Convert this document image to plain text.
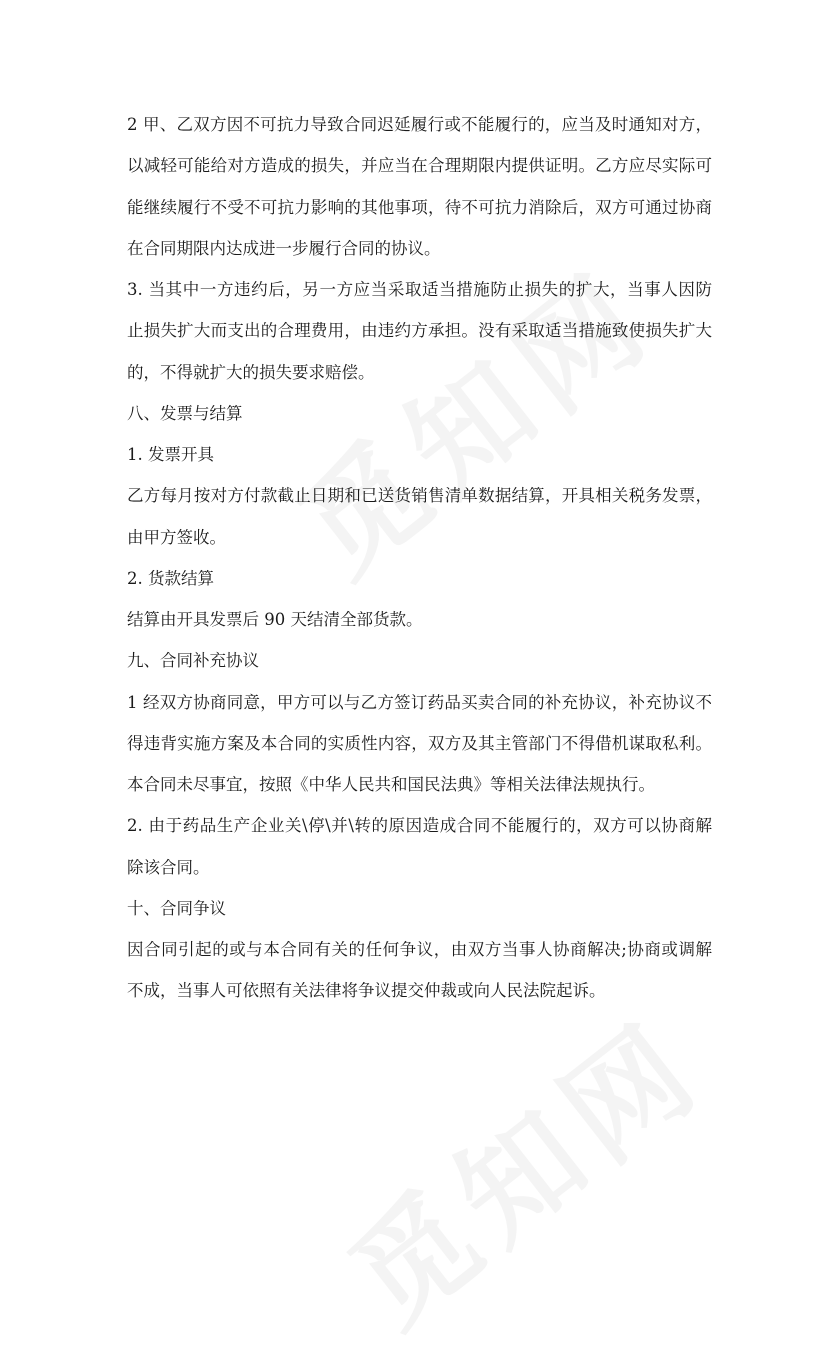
2 甲、乙双方因不可抗力导致合同迟延履行或不能履行的，应当及时通知对方，

以减轻可能给对方造成的损失，并应当在合理期限内提供证明。乙方应尽实际可

能继续履行不受不可抗力影响的其他事项，待不可抗力消除后，双方可通过协商

在合同期限内达成进一步履行合同的协议。

3. 当其中一方违约后，另一方应当采取适当措施防止损失的扩大，当事人因防

止损失扩大而支出的合理费用，由违约方承担。没有采取适当措施致使损失扩大

的，不得就扩大的损失要求赔偿。

八、发票与结算

1. 发票开具

乙方每月按对方付款截止日期和已送货销售清单数据结算，开具相关税务发票，

由甲方签收。

2. 货款结算

结算由开具发票后 90 天结清全部货款。

九、合同补充协议

1 经双方协商同意，甲方可以与乙方签订药品买卖合同的补充协议，补充协议不

得违背实施方案及本合同的实质性内容，双方及其主管部门不得借机谋取私利。

本合同未尽事宜，按照《中华人民共和国民法典》等相关法律法规执行。

2. 由于药品生产企业关\停\并\转的原因造成合同不能履行的，双方可以协商解

除该合同。

十、合同争议

因合同引起的或与本合同有关的任何争议，由双方当事人协商解决;协商或调解

不成，当事人可依照有关法律将争议提交仲裁或向人民法院起诉。
